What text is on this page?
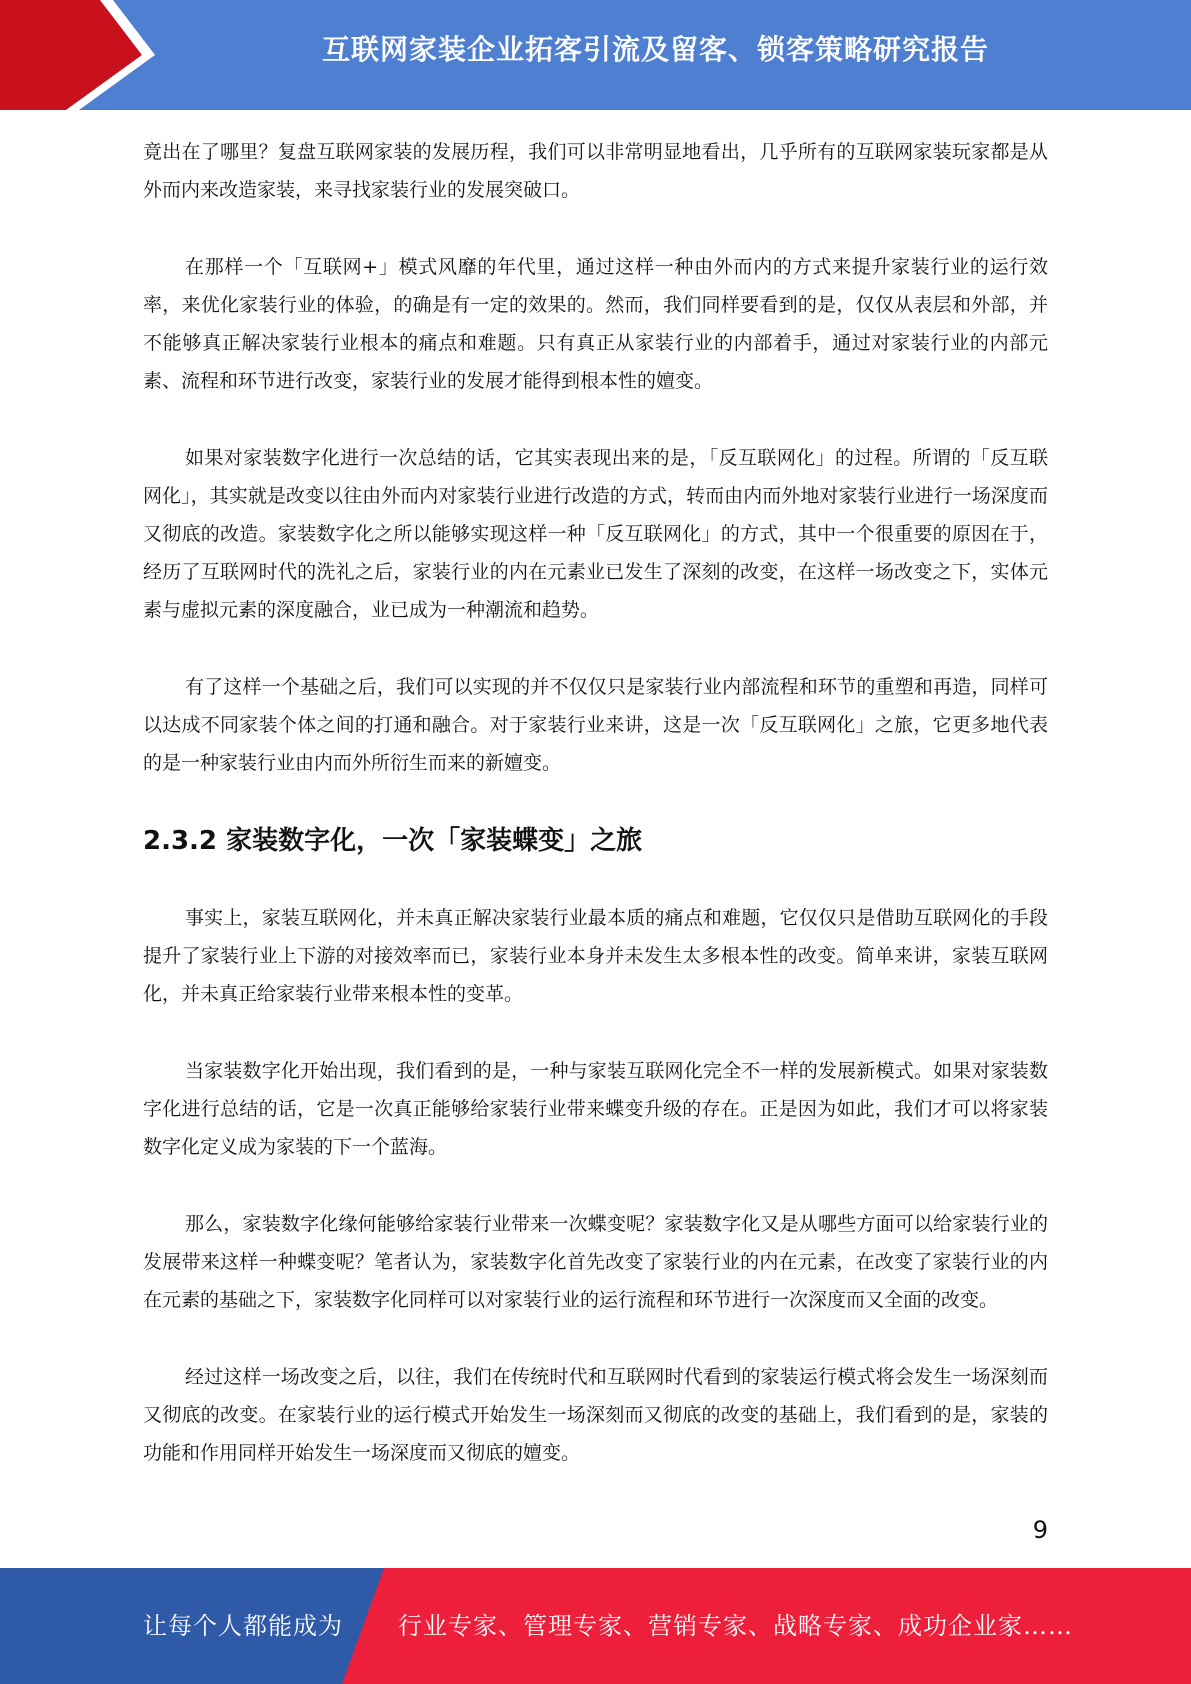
互联网家装企业拓客引流及留客、锁客策略研究报告

竟出在了哪里？复盘互联网家装的发展历程，我们可以非常明显地看出，几乎所有的互联网家装玩家都是从外而内来改造家装，来寻找家装行业的发展突破口。

在那样一个「互联网+」模式风靡的年代里，通过这样一种由外而内的方式来提升家装行业的运行效率，来优化家装行业的体验，的确是有一定的效果的。然而，我们同样要看到的是，仅仅从表层和外部，并不能够真正解决家装行业根本的痛点和难题。只有真正从家装行业的内部着手，通过对家装行业的内部元素、流程和环节进行改变，家装行业的发展才能得到根本性的嬗变。

如果对家装数字化进行一次总结的话，它其实表现出来的是，「反互联网化」的过程。所谓的「反互联网化」，其实就是改变以往由外而内对家装行业进行改造的方式，转而由内而外地对家装行业进行一场深度而又彻底的改造。家装数字化之所以能够实现这样一种「反互联网化」的方式，其中一个很重要的原因在于，经历了互联网时代的洗礼之后，家装行业的内在元素业已发生了深刻的改变，在这样一场改变之下，实体元素与虚拟元素的深度融合，业已成为一种潮流和趋势。

有了这样一个基础之后，我们可以实现的并不仅仅只是家装行业内部流程和环节的重塑和再造，同样可以达成不同家装个体之间的打通和融合。对于家装行业来讲，这是一次「反互联网化」之旅，它更多地代表的是一种家装行业由内而外所衍生而来的新嬗变。

2.3.2 家装数字化，一次「家装蝶变」之旅

事实上，家装互联网化，并未真正解决家装行业最本质的痛点和难题，它仅仅只是借助互联网化的手段提升了家装行业上下游的对接效率而已，家装行业本身并未发生太多根本性的改变。简单来讲，家装互联网化，并未真正给家装行业带来根本性的变革。

当家装数字化开始出现，我们看到的是，一种与家装互联网化完全不一样的发展新模式。如果对家装数字化进行总结的话，它是一次真正能够给家装行业带来蝶变升级的存在。正是因为如此，我们才可以将家装数字化定义成为家装的下一个蓝海。

那么，家装数字化缘何能够给家装行业带来一次蝶变呢？家装数字化又是从哪些方面可以给家装行业的发展带来这样一种蝶变呢？笔者认为，家装数字化首先改变了家装行业的内在元素，在改变了家装行业的内在元素的基础之下，家装数字化同样可以对家装行业的运行流程和环节进行一次深度而又全面的改变。

经过这样一场改变之后，以往，我们在传统时代和互联网时代看到的家装运行模式将会发生一场深刻而又彻底的改变。在家装行业的运行模式开始发生一场深刻而又彻底的改变的基础上，我们看到的是，家装的功能和作用同样开始发生一场深度而又彻底的嬗变。

9
让每个人都能成为 行业专家、管理专家、营销专家、战略专家、成功企业家……
